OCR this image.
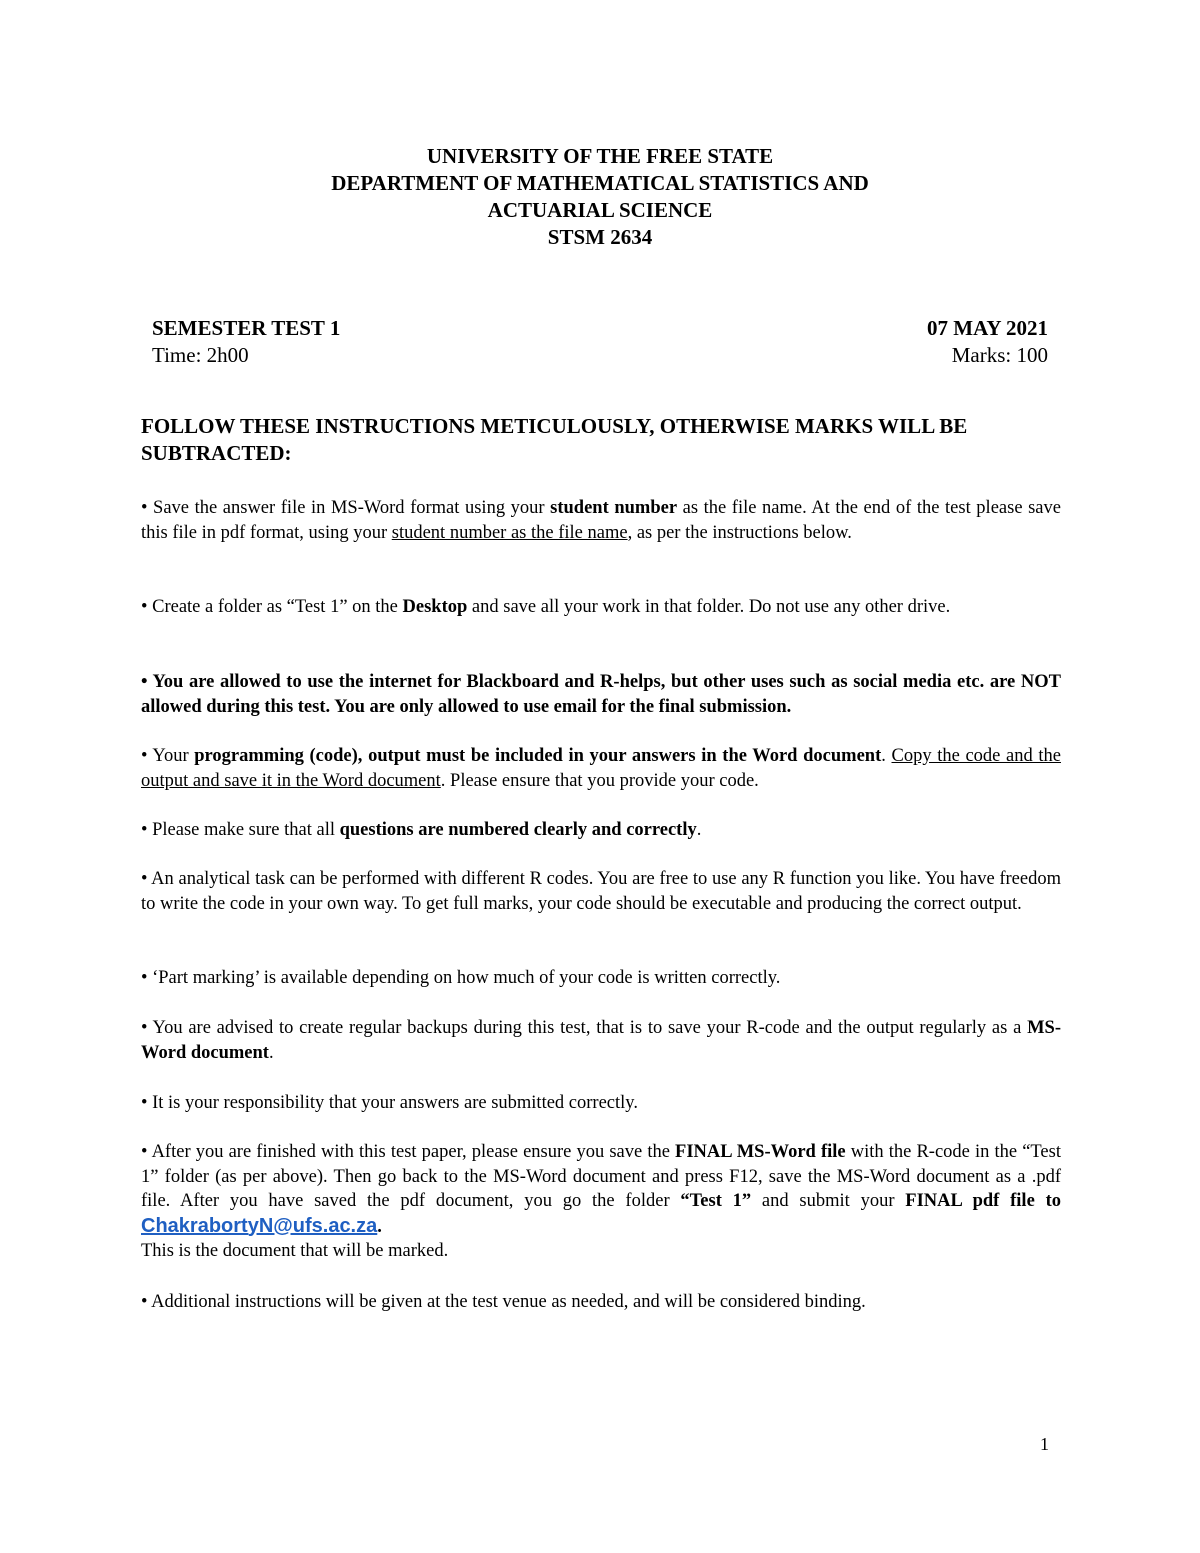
UNIVERSITY OF THE FREE STATE
DEPARTMENT OF MATHEMATICAL STATISTICS AND
ACTUARIAL SCIENCE
STSM 2634
SEMESTER TEST 1	07 MAY 2021
Time: 2h00	Marks: 100
FOLLOW THESE INSTRUCTIONS METICULOUSLY, OTHERWISE MARKS WILL BE SUBTRACTED:

• Save the answer file in MS-Word format using your student number as the file name. At the end of the test please save this file in pdf format, using your student number as the file name, as per the instructions below.

• Create a folder as “Test 1” on the Desktop and save all your work in that folder. Do not use any other drive.

• You are allowed to use the internet for Blackboard and R-helps, but other uses such as social media etc. are NOT allowed during this test. You are only allowed to use email for the final submission.

• Your programming (code), output must be included in your answers in the Word document. Copy the code and the output and save it in the Word document. Please ensure that you provide your code.

• Please make sure that all questions are numbered clearly and correctly.

• An analytical task can be performed with different R codes. You are free to use any R function you like. You have freedom to write the code in your own way. To get full marks, your code should be executable and producing the correct output.
• ‘Part marking’ is available depending on how much of your code is written correctly.

• You are advised to create regular backups during this test, that is to save your R-code and the output regularly as a MS-Word document.

• It is your responsibility that your answers are submitted correctly.

• After you are finished with this test paper, please ensure you save the FINAL MS-Word file with the R-code in the “Test 1” folder (as per above). Then go back to the MS-Word document and press F12, save the MS-Word document as a .pdf file. After you have saved the pdf document, you go the folder “Test 1” and submit your FINAL pdf file to ChakrabortyN@ufs.ac.za.

This is the document that will be marked.

• Additional instructions will be given at the test venue as needed, and will be considered binding.
1
